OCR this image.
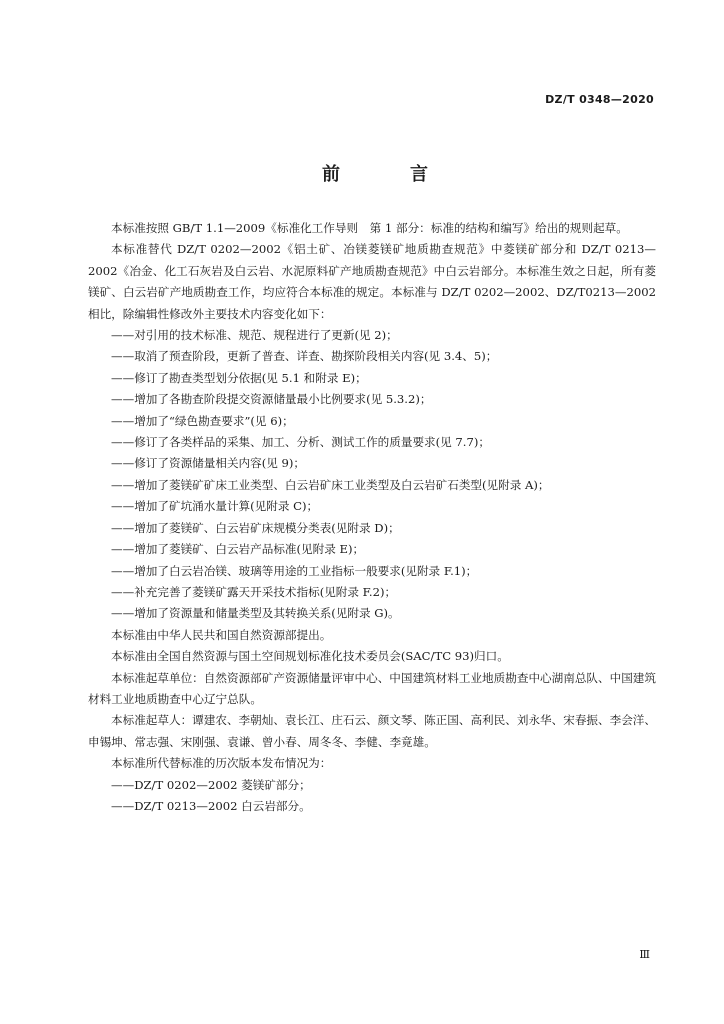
DZ/T 0348—2020
前　言

本标准按照 GB/T 1.1—2009《标准化工作导则　第 1 部分：标准的结构和编写》给出的规则起草。

本标准替代 DZ/T 0202—2002《铝土矿、冶镁菱镁矿地质勘查规范》中菱镁矿部分和 DZ/T 0213—2002《冶金、化工石灰岩及白云岩、水泥原料矿产地质勘查规范》中白云岩部分。本标准生效之日起，所有菱镁矿、白云岩矿产地质勘查工作，均应符合本标准的规定。本标准与 DZ/T 0202—2002、DZ/T0213—2002 相比，除编辑性修改外主要技术内容变化如下：

——对引用的技术标准、规范、规程进行了更新(见 2)；

——取消了预查阶段，更新了普查、详查、勘探阶段相关内容(见 3.4、5)；

——修订了勘查类型划分依据(见 5.1 和附录 E)；

——增加了各勘查阶段提交资源储量最小比例要求(见 5.3.2)；

——增加了“绿色勘查要求”(见 6)；

——修订了各类样品的采集、加工、分析、测试工作的质量要求(见 7.7)；

——修订了资源储量相关内容(见 9)；

——增加了菱镁矿矿床工业类型、白云岩矿床工业类型及白云岩矿石类型(见附录 A)；

——增加了矿坑涌水量计算(见附录 C)；

——增加了菱镁矿、白云岩矿床规模分类表(见附录 D)；

——增加了菱镁矿、白云岩产品标准(见附录 E)；

——增加了白云岩冶镁、玻璃等用途的工业指标一般要求(见附录 F.1)；

——补充完善了菱镁矿露天开采技术指标(见附录 F.2)；

——增加了资源量和储量类型及其转换关系(见附录 G)。

本标准由中华人民共和国自然资源部提出。

本标准由全国自然资源与国土空间规划标准化技术委员会(SAC/TC 93)归口。

本标准起草单位：自然资源部矿产资源储量评审中心、中国建筑材料工业地质勘查中心湖南总队、中国建筑材料工业地质勘查中心辽宁总队。

本标准起草人：谭建农、李朝灿、袁长江、庄石云、颜文琴、陈正国、高利民、刘永华、宋春振、李会洋、申锡坤、常志强、宋刚强、袁谦、曾小春、周冬冬、李健、李竟雄。

本标准所代替标准的历次版本发布情况为：

——DZ/T 0202—2002 菱镁矿部分；

——DZ/T 0213—2002 白云岩部分。

Ⅲ
